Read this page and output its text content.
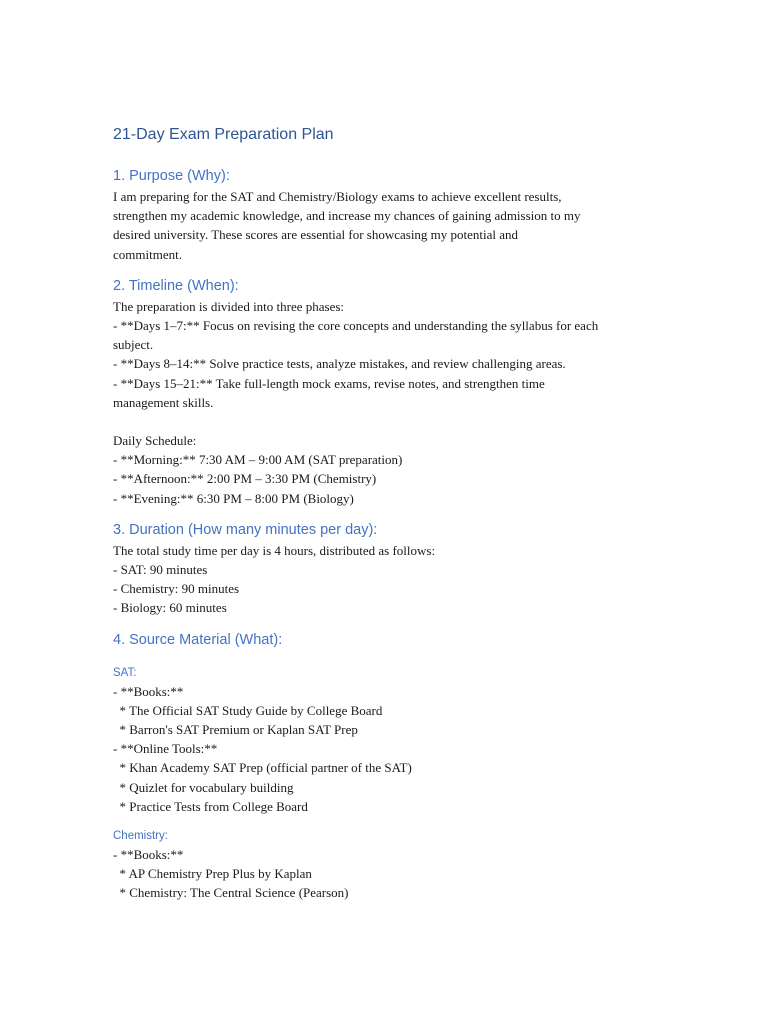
21-Day Exam Preparation Plan
1. Purpose (Why):
I am preparing for the SAT and Chemistry/Biology exams to achieve excellent results,
strengthen my academic knowledge, and increase my chances of gaining admission to my
desired university. These scores are essential for showcasing my potential and
commitment.
2. Timeline (When):
The preparation is divided into three phases:
- **Days 1–7:** Focus on revising the core concepts and understanding the syllabus for each
subject.
- **Days 8–14:** Solve practice tests, analyze mistakes, and review challenging areas.
- **Days 15–21:** Take full-length mock exams, revise notes, and strengthen time
management skills.
Daily Schedule:
- **Morning:** 7:30 AM – 9:00 AM (SAT preparation)
- **Afternoon:** 2:00 PM – 3:30 PM (Chemistry)
- **Evening:** 6:30 PM – 8:00 PM (Biology)
3. Duration (How many minutes per day):
The total study time per day is 4 hours, distributed as follows:
- SAT: 90 minutes
- Chemistry: 90 minutes
- Biology: 60 minutes
4. Source Material (What):
SAT:
- **Books:**
* The Official SAT Study Guide by College Board
* Barron's SAT Premium or Kaplan SAT Prep
- **Online Tools:**
* Khan Academy SAT Prep (official partner of the SAT)
* Quizlet for vocabulary building
* Practice Tests from College Board
Chemistry:
- **Books:**
* AP Chemistry Prep Plus by Kaplan
* Chemistry: The Central Science (Pearson)
